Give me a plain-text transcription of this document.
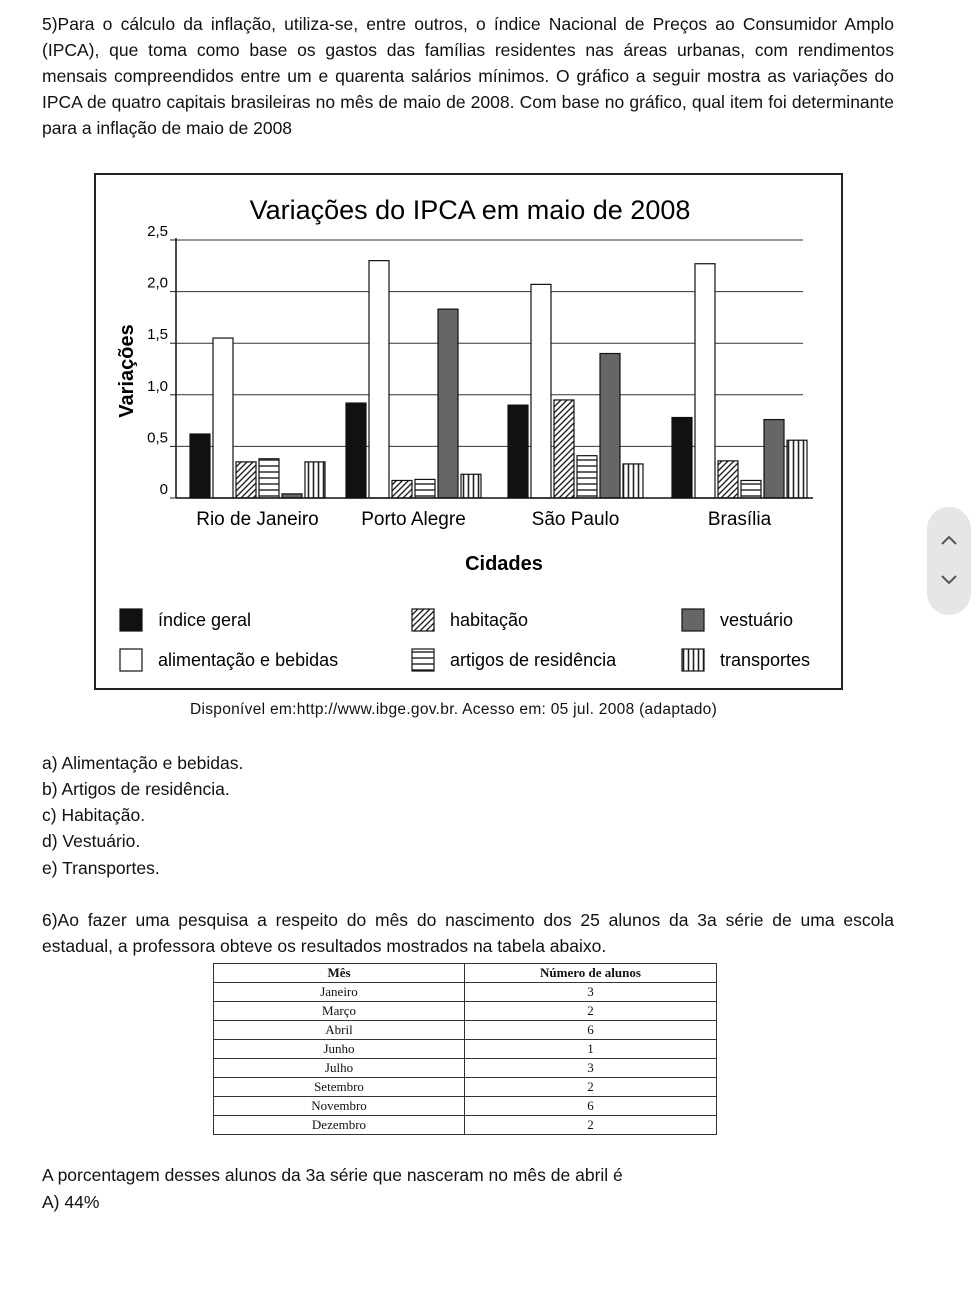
5)Para o cálculo da inflação, utiliza-se, entre outros, o índice Nacional de Preços ao Consumidor Amplo (IPCA), que toma como base os gastos das famílias residentes nas áreas urbanas, com rendimentos mensais compreendidos entre um e quarenta salários mínimos. O gráfico a seguir mostra as variações do IPCA de quatro capitais brasileiras no mês de maio de 2008. Com base no gráfico, qual item foi determinante para a inflação de maio de 2008
Variações do IPCA em maio de 2008
Variações
0
0,5
1,0
1,5
2,0
2,5
Rio de Janeiro Porto Alegre	São Paulo	Brasília
Cidades
índice geral	habitação	vestuário
alimentação e bebidas	artigos de residência	transportes
Disponível em:http://www.ibge.gov.br. Acesso em: 05 jul. 2008 (adaptado)
a) Alimentação e bebidas.
b) Artigos de residência.
c) Habitação.
d) Vestuário.
e) Transportes.
6)Ao fazer uma pesquisa a respeito do mês do nascimento dos 25 alunos da 3a série de uma escola estadual, a professora obteve os resultados mostrados na tabela abaixo.
Mês	Número de alunos
Janeiro	3
Março	2
Abril	6
Junho	1
Julho	3
Setembro	2
Novembro	6
Dezembro	2
A porcentagem desses alunos da 3a série que nasceram no mês de abril é
A) 44%
